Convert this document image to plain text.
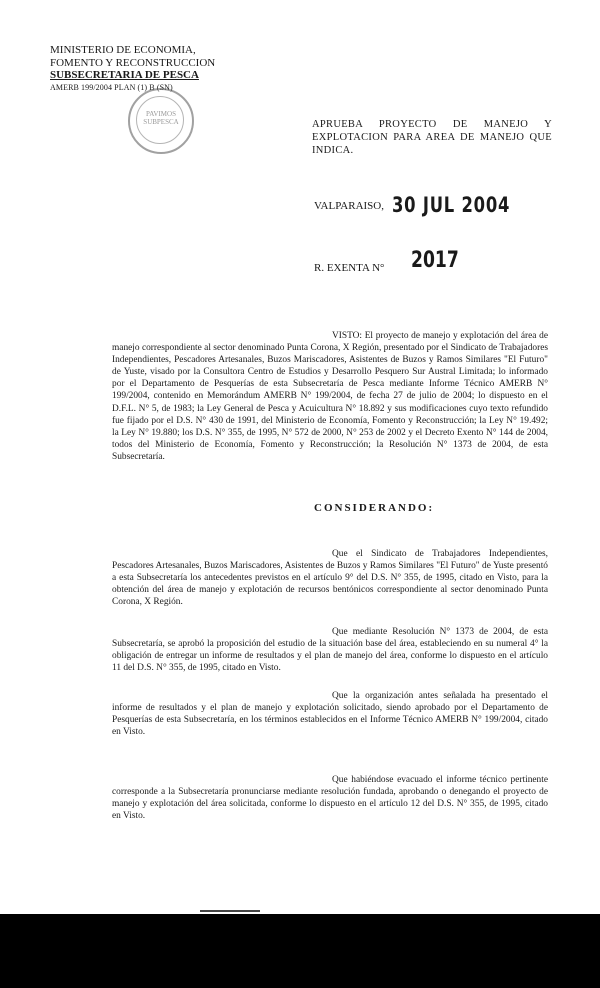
MINISTERIO DE ECONOMIA,
FOMENTO Y RECONSTRUCCION
SUBSECRETARIA DE PESCA
AMERB 199/2004 PLAN (1) B (SN)
PAVIMOS SUBPESCA	APRUEBA PROYECTO DE MANEJO Y EXPLOTACION PARA AREA DE MANEJO QUE INDICA.
VALPARAISO, 30 JUL 2004
R. EXENTA N° 2017
VISTO: El proyecto de manejo y explotación del área de manejo correspondiente al sector denominado Punta Corona, X Región, presentado por el Sindicato de Trabajadores Independientes, Pescadores Artesanales, Buzos Mariscadores, Asistentes de Buzos y Ramos Similares "El Futuro" de Yuste, visado por la Consultora Centro de Estudios y Desarrollo Pesquero Sur Austral Limitada; lo informado por el Departamento de Pesquerías de esta Subsecretaría de Pesca mediante Informe Técnico AMERB N° 199/2004, contenido en Memorándum AMERB N° 199/2004, de fecha 27 de julio de 2004; lo dispuesto en el D.F.L. N° 5, de 1983; la Ley General de Pesca y Acuicultura N° 18.892 y sus modificaciones cuyo texto refundido fue fijado por el D.S. N° 430 de 1991, del Ministerio de Economía, Fomento y Reconstrucción; la Ley N° 19.492; la Ley N° 19.880; los D.S. N° 355, de 1995, N° 572 de 2000, N° 253 de 2002 y el Decreto Exento N° 144 de 2004, todos del Ministerio de Economía, Fomento y Reconstrucción; la Resolución N° 1373 de 2004, de esta Subsecretaría.
CONSIDERANDO:
Que el Sindicato de Trabajadores Independientes, Pescadores Artesanales, Buzos Mariscadores, Asistentes de Buzos y Ramos Similares "El Futuro" de Yuste presentó a esta Subsecretaría los antecedentes previstos en el artículo 9° del D.S. N° 355, de 1995, citado en Visto, para la obtención del área de manejo y explotación de recursos bentónicos correspondiente al sector denominado Punta Corona, X Región.
Que mediante Resolución N° 1373 de 2004, de esta Subsecretaría, se aprobó la proposición del estudio de la situación base del área, estableciendo en su numeral 4° la obligación de entregar un informe de resultados y el plan de manejo del área, conforme lo dispuesto en el artículo 11 del D.S. N° 355, de 1995, citado en Visto.
Que la organización antes señalada ha presentado el informe de resultados y el plan de manejo y explotación solicitado, siendo aprobado por el Departamento de Pesquerías de esta Subsecretaría, en los términos establecidos en el Informe Técnico AMERB N° 199/2004, citado en Visto.
Que habiéndose evacuado el informe técnico pertinente corresponde a la Subsecretaría pronunciarse mediante resolución fundada, aprobando o denegando el proyecto de manejo y explotación del área solicitada, conforme lo dispuesto en el artículo 12 del D.S. N° 355, de 1995, citado en Visto.
